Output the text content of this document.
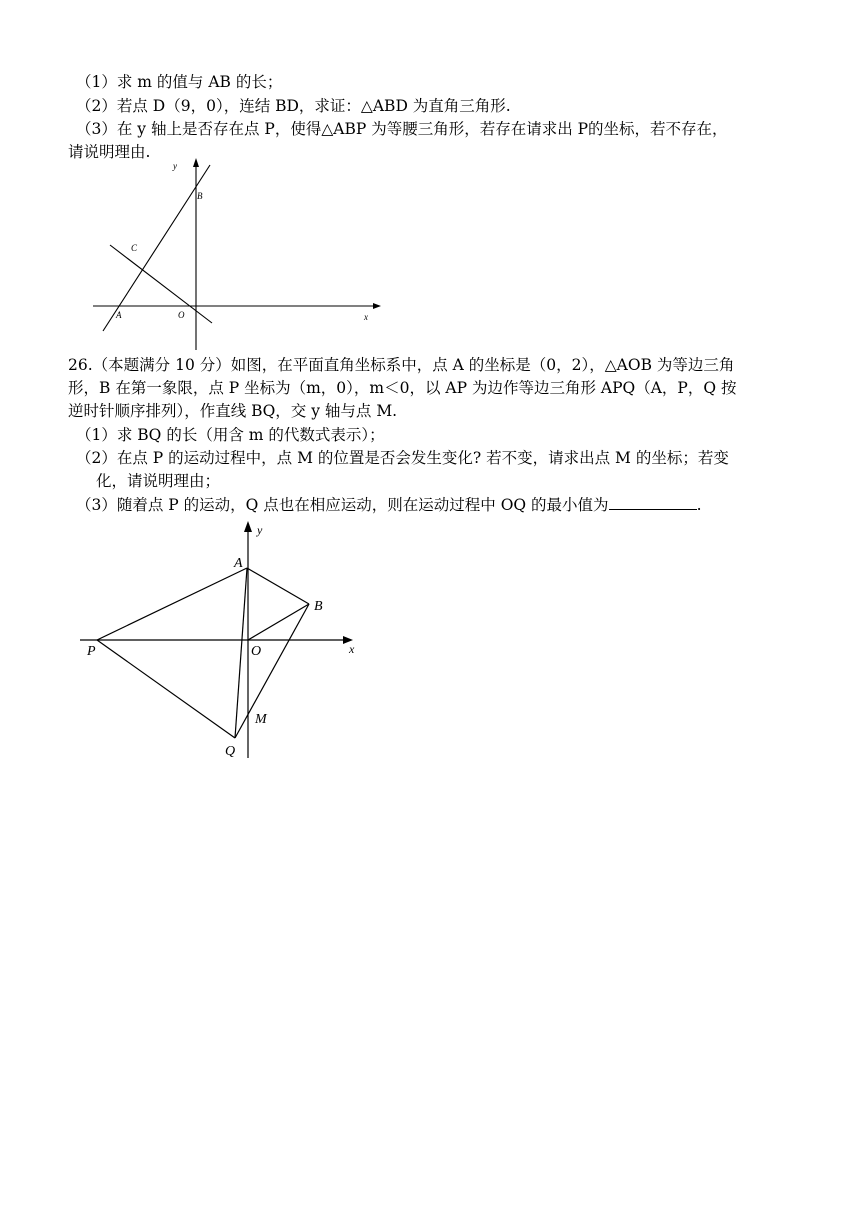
（1）求 m 的值与 AB 的长；
（2）若点 D（9，0），连结 BD，求证：△ABD 为直角三角形.
（3）在 y 轴上是否存在点 P，使得△ABP 为等腰三角形，若存在请求出 P的坐标，若不存在，
请说明理由.
y
B
C
A	O	x
26.（本题满分 10 分）如图，在平面直角坐标系中，点 A 的坐标是（0，2），△AOB 为等边三角
形，B 在第一象限，点 P 坐标为（m，0），m＜0，以 AP 为边作等边三角形 APQ（A，P，Q 按
逆时针顺序排列），作直线 BQ，交 y 轴与点 M.
（1）求 BQ 的长（用含 m 的代数式表示）；
（2）在点 P 的运动过程中，点 M 的位置是否会发生变化? 若不变，请求出点 M 的坐标；若变
化，请说明理由；
（3）随着点 P 的运动，Q 点也在相应运动，则在运动过程中 OQ 的最小值为	.
y
A
B
P	O	x
M
Q
